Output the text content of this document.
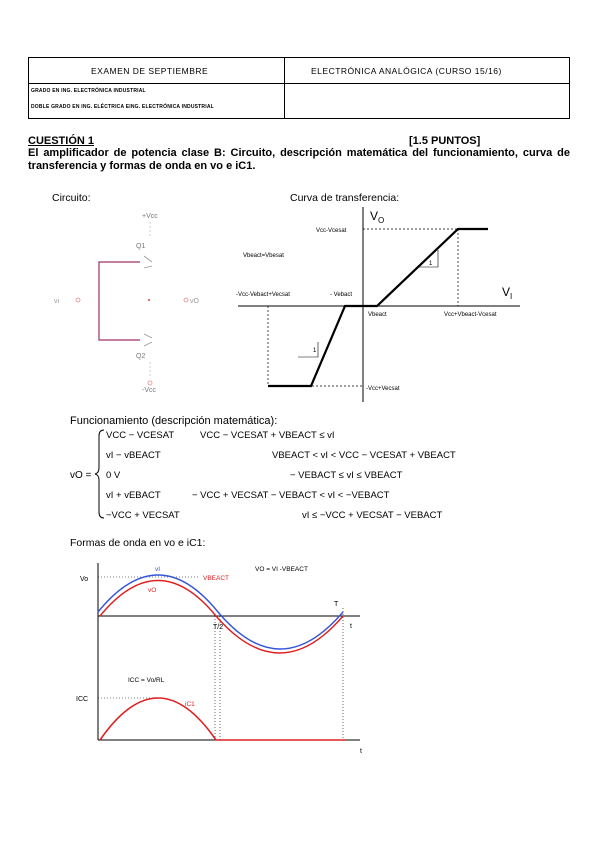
EXAMEN DE SEPTIEMBRE	ELECTRÓNICA ANALÓGICA (CURSO 15/16)
GRADO EN ING. ELECTRÓNICA INDUSTRIAL
DOBLE GRADO EN ING. ELÉCTRICA EING. ELECTRÓNICA INDUSTRIAL
CUESTIÓN 1	[1.5 PUNTOS]
El amplificador de potencia clase B: Circuito, descripción matemática del funcionamiento, curva de transferencia y formas de onda en vo e iC1.
Circuito:	Curva de transferencia:
+Vcc
Q1
vi	vO
Q2
-Vcc
$V_O$
$V_I$
1
1
Vcc-Vcesat
Vbeact=Vbesat
-Vcc-Vebact+Vecsat	- Vebact
Vbeact	Vcc+Vbeact-Vcesat
-Vcc+Vecsat
Funcionamiento (descripción matemática):
vO =
VCC − VCESAT	VCC − VCESAT + VBEACT ≤ vI
vI − vBEACT	VBEACT < vI < VCC − VCESAT + VBEACT
0 V	− VEBACT ≤ vI ≤ VBEACT
vI + vEBACT	− VCC + VECSAT − VEBACT < vI < −VEBACT
−VCC + VECSAT	vI ≤ −VCC + VECSAT − VEBACT
Formas de onda en vo e iC1:
VO = VI -VBEACT
Vo
ICC
vI
vO
VBEACT
T/2
T
t
ICC = Vo/RL
iC1
t
